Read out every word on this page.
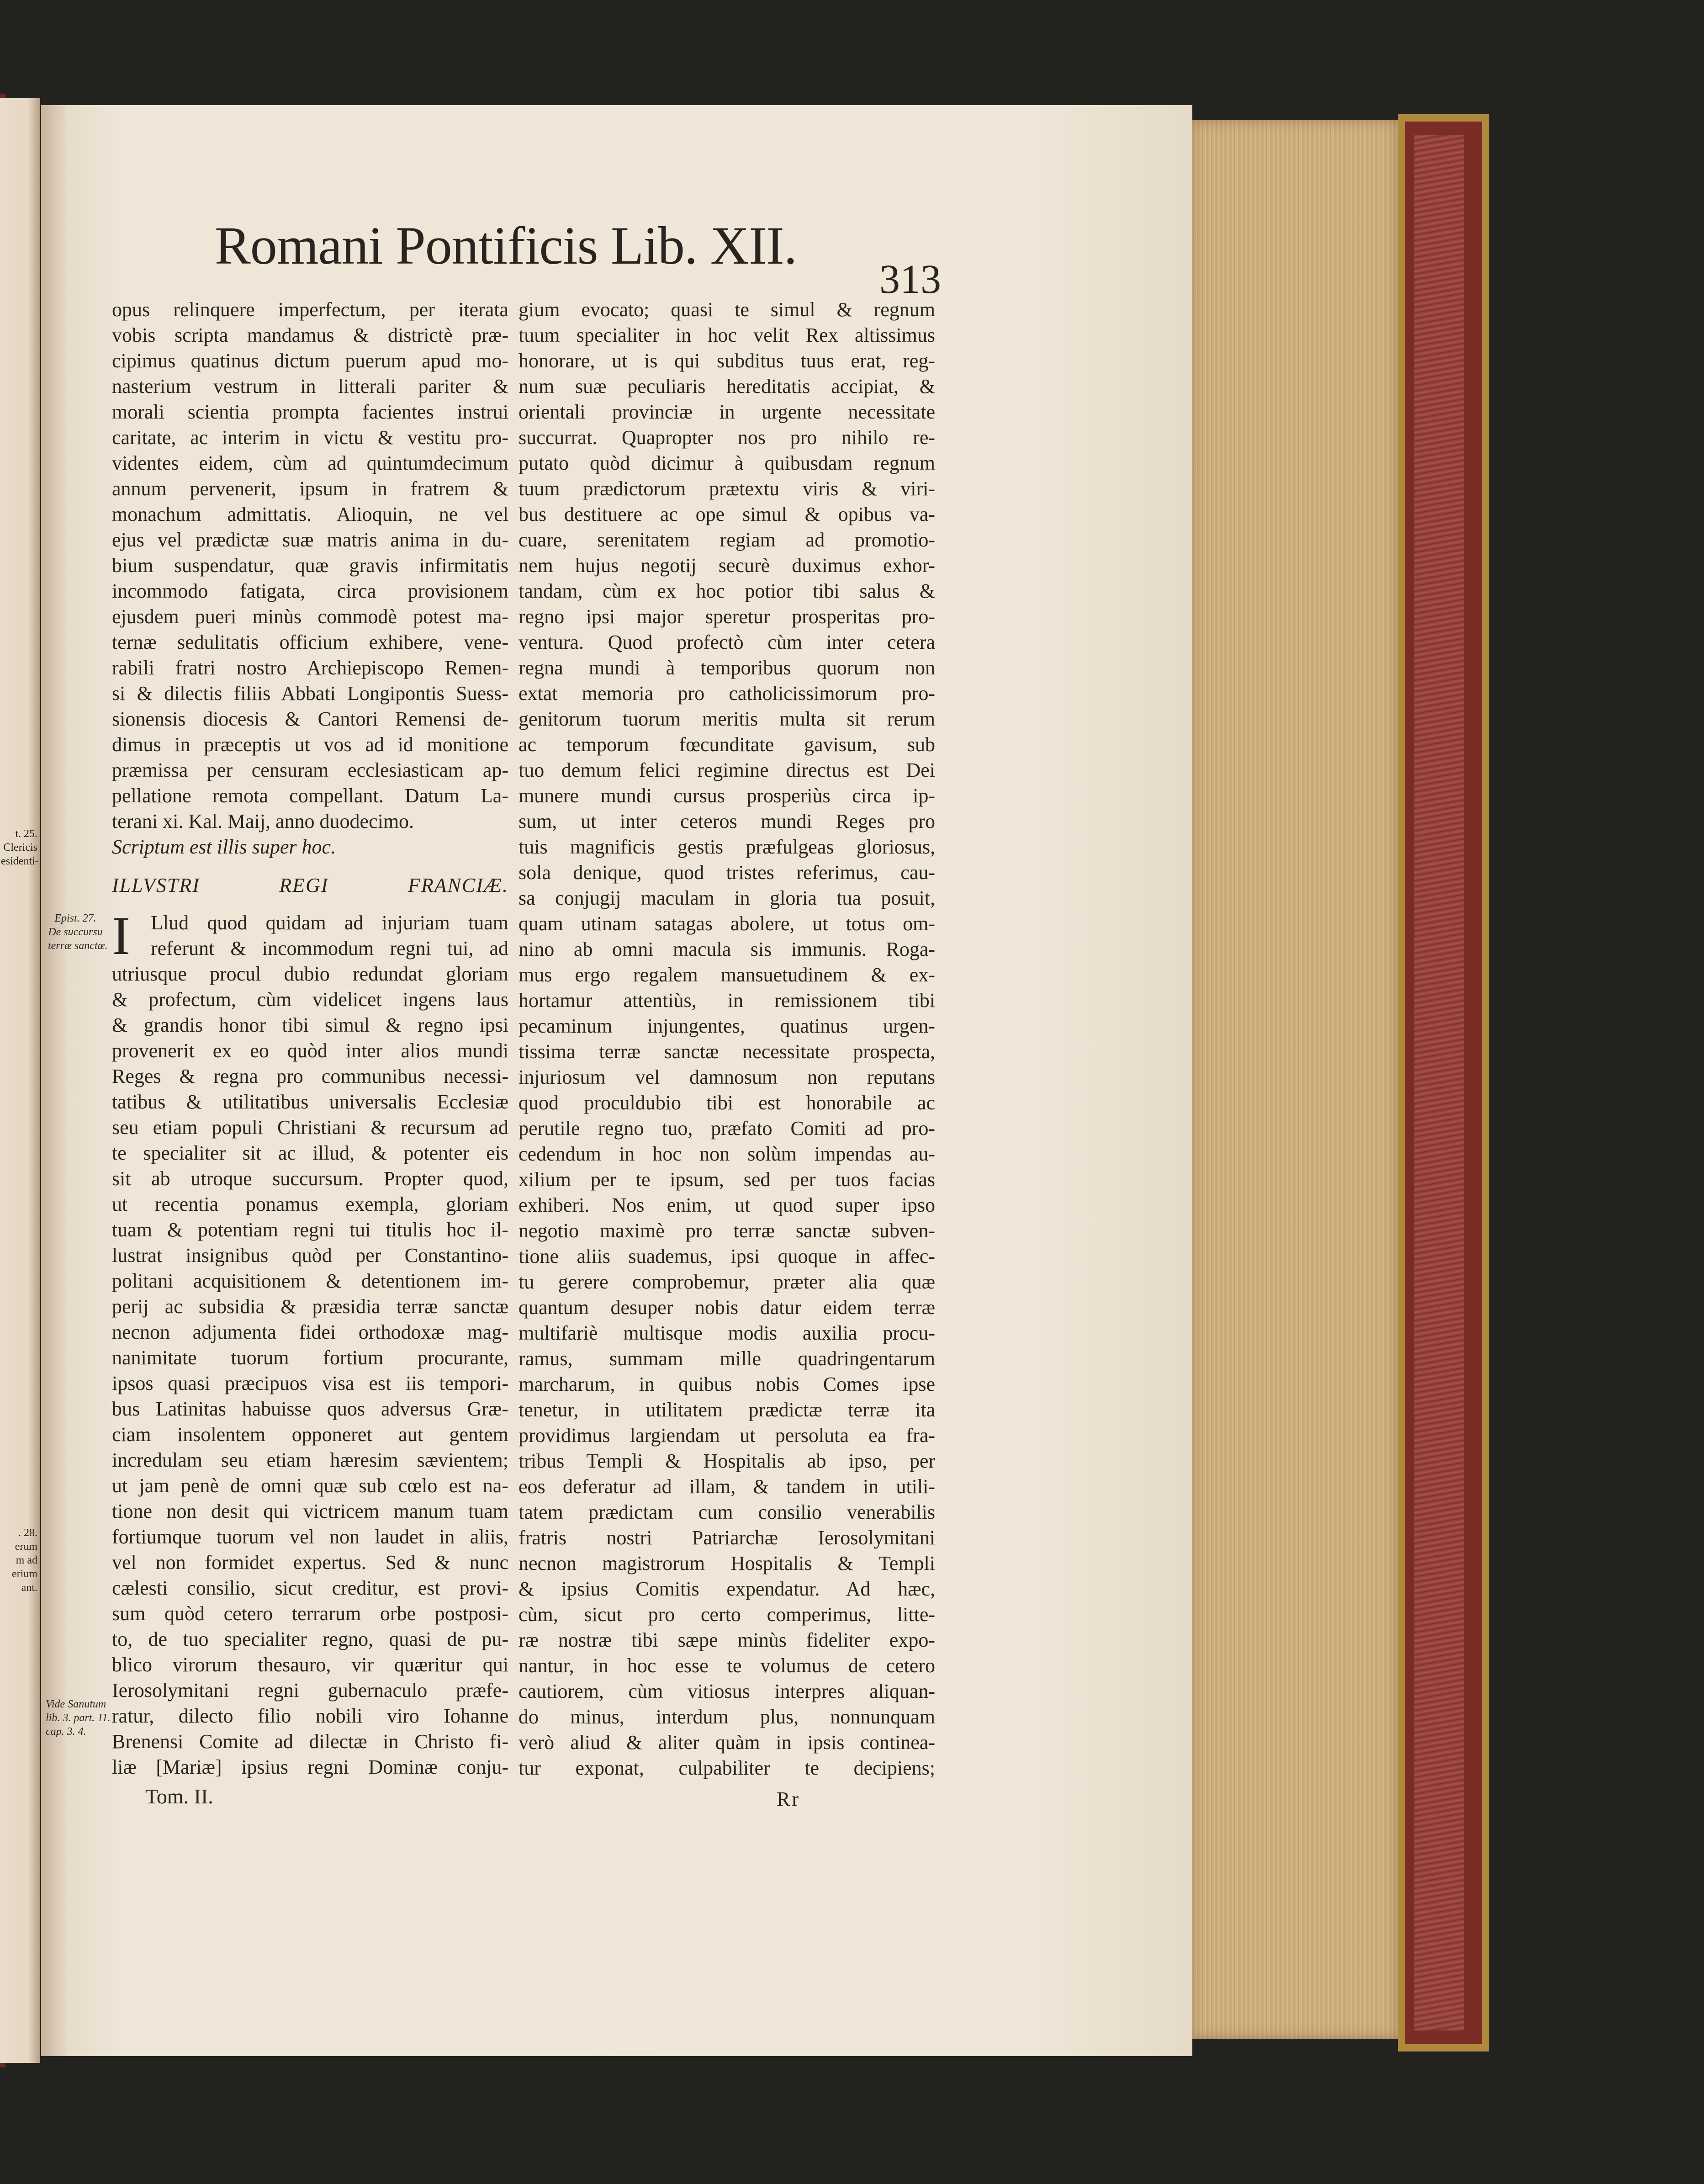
t. 25.
Clericis
esidenti-
. 28.
erum
m ad
erium
ant.
Romani Pontificis Lib. XII.
313
opus relinquere imperfectum, per iterata
vobis scripta mandamus & districtè præ-
cipimus quatinus dictum puerum apud mo-
nasterium vestrum in litterali pariter &
morali scientia prompta facientes instrui
caritate, ac interim in victu & vestitu pro-
videntes eidem, cùm ad quintumdecimum
annum pervenerit, ipsum in fratrem &
monachum admittatis. Alioquin, ne vel
ejus vel prædictæ suæ matris anima in du-
bium suspendatur, quæ gravis infirmitatis
incommodo fatigata, circa provisionem
ejusdem pueri minùs commodè potest ma-
ternæ sedulitatis officium exhibere, vene-
rabili fratri nostro Archiepiscopo Remen-
si & dilectis filiis Abbati Longipontis Suess-
sionensis diocesis & Cantori Remensi de-
dimus in præceptis ut vos ad id monitione
præmissa per censuram ecclesiasticam ap-
pellatione remota compellant. Datum La-
terani xi. Kal. Maij, anno duodecimo.
Llud quod quidam ad injuriam tuam
referunt & incommodum regni tui, ad
utriusque procul dubio redundat gloriam
& profectum, cùm videlicet ingens laus
& grandis honor tibi simul & regno ipsi
provenerit ex eo quòd inter alios mundi
Reges & regna pro communibus necessi-
tatibus & utilitatibus universalis Ecclesiæ
seu etiam populi Christiani & recursum ad
te specialiter sit ac illud, & potenter eis
sit ab utroque succursum. Propter quod,
ut recentia ponamus exempla, gloriam
tuam & potentiam regni tui titulis hoc il-
lustrat insignibus quòd per Constantino-
politani acquisitionem & detentionem im-
perij ac subsidia & præsidia terræ sanctæ
necnon adjumenta fidei orthodoxæ mag-
nanimitate tuorum fortium procurante,
ipsos quasi præcipuos visa est iis tempori-
bus Latinitas habuisse quos adversus Græ-
ciam insolentem opponeret aut gentem
incredulam seu etiam hæresim sævientem;
ut jam penè de omni quæ sub cœlo est na-
tione non desit qui victricem manum tuam
fortiumque tuorum vel non laudet in aliis,
vel non formidet expertus. Sed & nunc
cælesti consilio, sicut creditur, est provi-
sum quòd cetero terrarum orbe postposi-
to, de tuo specialiter regno, quasi de pu-
blico virorum thesauro, vir quæritur qui
Ierosolymitani regni gubernaculo præfe-
ratur, dilecto filio nobili viro Iohanne
Brenensi Comite ad dilectæ in Christo fi-
liæ [Mariæ] ipsius regni Dominæ conju-
gium evocato; quasi te simul & regnum
tuum specialiter in hoc velit Rex altissimus
honorare, ut is qui subditus tuus erat, reg-
num suæ peculiaris hereditatis accipiat, &
orientali provinciæ in urgente necessitate
succurrat. Quapropter nos pro nihilo re-
putato quòd dicimur à quibusdam regnum
tuum prædictorum prætextu viris & viri-
bus destituere ac ope simul & opibus va-
cuare, serenitatem regiam ad promotio-
nem hujus negotij securè duximus exhor-
tandam, cùm ex hoc potior tibi salus &
regno ipsi major speretur prosperitas pro-
ventura. Quod profectò cùm inter cetera
regna mundi à temporibus quorum non
extat memoria pro catholicissimorum pro-
genitorum tuorum meritis multa sit rerum
ac temporum fœcunditate gavisum, sub
tuo demum felici regimine directus est Dei
munere mundi cursus prosperiùs circa ip-
sum, ut inter ceteros mundi Reges pro
tuis magnificis gestis præfulgeas gloriosus,
sola denique, quod tristes referimus, cau-
sa conjugij maculam in gloria tua posuit,
quam utinam satagas abolere, ut totus om-
nino ab omni macula sis immunis. Roga-
mus ergo regalem mansuetudinem & ex-
hortamur attentiùs, in remissionem tibi
pecaminum injungentes, quatinus urgen-
tissima terræ sanctæ necessitate prospecta,
injuriosum vel damnosum non reputans
quod proculdubio tibi est honorabile ac
perutile regno tuo, præfato Comiti ad pro-
cedendum in hoc non solùm impendas au-
xilium per te ipsum, sed per tuos facias
exhiberi. Nos enim, ut quod super ipso
negotio maximè pro terræ sanctæ subven-
tione aliis suademus, ipsi quoque in affec-
tu gerere comprobemur, præter alia quæ
quantum desuper nobis datur eidem terræ
multifariè multisque modis auxilia procu-
ramus, summam mille quadringentarum
marcharum, in quibus nobis Comes ipse
tenetur, in utilitatem prædictæ terræ ita
providimus largiendam ut persoluta ea fra-
tribus Templi & Hospitalis ab ipso, per
eos deferatur ad illam, & tandem in utili-
tatem prædictam cum consilio venerabilis
fratris nostri Patriarchæ Ierosolymitani
necnon magistrorum Hospitalis & Templi
& ipsius Comitis expendatur. Ad hæc,
cùm, sicut pro certo comperimus, litte-
ræ nostræ tibi sæpe minùs fideliter expo-
nantur, in hoc esse te volumus de cetero
cautiorem, cùm vitiosus interpres aliquan-
do minus, interdum plus, nonnunquam
verò aliud & aliter quàm in ipsis continea-
tur exponat, culpabiliter te decipiens;
Scriptum est illis super hoc.
ILLVSTRI REGI FRANCIÆ.
I
Epist. 27.
De succursu
terræ sanctæ.
Vide Sanutum
lib. 3. part. 11.
cap. 3. 4.
Tom. II.	Rr
